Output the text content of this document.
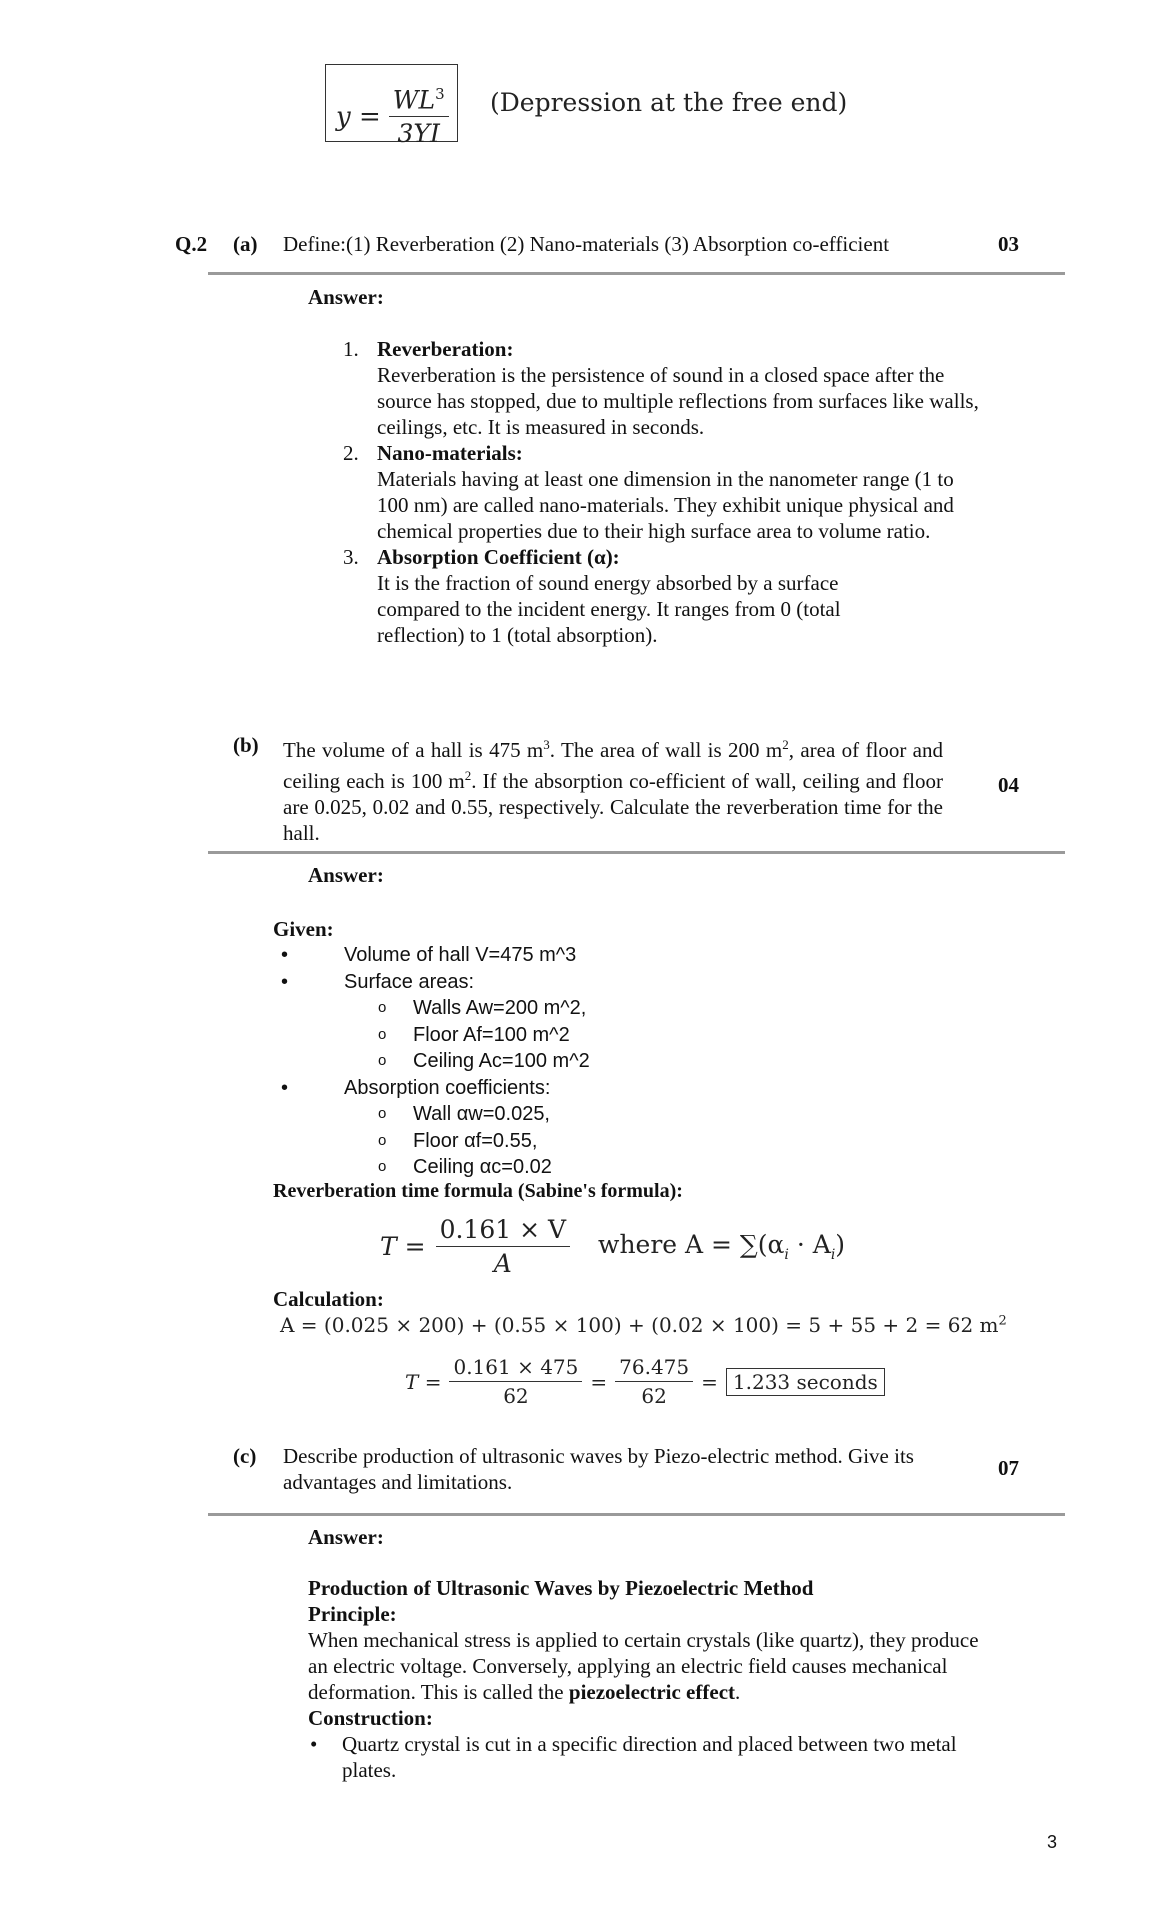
$y = \frac{WL^3}{3YI}$ (Depression at the free end)
Q.2 (a) Define:(1) Reverberation (2) Nano-materials (3) Absorption co-efficient	03
Answer:
1. Reverberation:
Reverberation is the persistence of sound in a closed space after the source has stopped, due to multiple reflections from surfaces like walls, ceilings, etc. It is measured in seconds.
2. Nano-materials:
Materials having at least one dimension in the nanometer range (1 to 100 nm) are called nano-materials. They exhibit unique physical and chemical properties due to their high surface area to volume ratio.
3. Absorption Coefficient (α):
It is the fraction of sound energy absorbed by a surface compared to the incident energy. It ranges from 0 (total reflection) to 1 (total absorption).
(b) The volume of a hall is 475 $m^3$. The area of wall is 200 $m^2$, area of floor and ceiling each is 100 $m^2$. If the absorption co-efficient of wall, ceiling and floor are 0.025, 0.02 and 0.55, respectively. Calculate the reverberation time for the hall.
04
Answer:
Given:
•	Volume of hall V=475 m^3
•	Surface areas:
o Walls Aw=200 m^2,
o Floor Af=100 m^2
o Ceiling Ac=100 m^2
•	Absorption coefficients:
o Wall αw=0.025,
o Floor αf=0.55,
o Ceiling αc=0.02
Reverberation time formula (Sabine's formula):
$T = \frac{0.161 \times V}{A}$ where $A = \sum(\alpha_i \cdot A_i)$
Calculation:
A = (0.025 × 200) + (0.55 × 100) + (0.02 × 100) = 5 + 55 + 2 = 62 $m^2$
$T = \frac{0.161 \times 475}{62} = \frac{76.475}{62} = 1.233$ seconds
(c) Describe production of ultrasonic waves by Piezo-electric method. Give its advantages and limitations.
07
Answer:
Production of Ultrasonic Waves by Piezoelectric Method
Principle:
When mechanical stress is applied to certain crystals (like quartz), they produce an electric voltage. Conversely, applying an electric field causes mechanical deformation. This is called the piezoelectric effect.
Construction:
• Quartz crystal is cut in a specific direction and placed between two metal plates.
3
